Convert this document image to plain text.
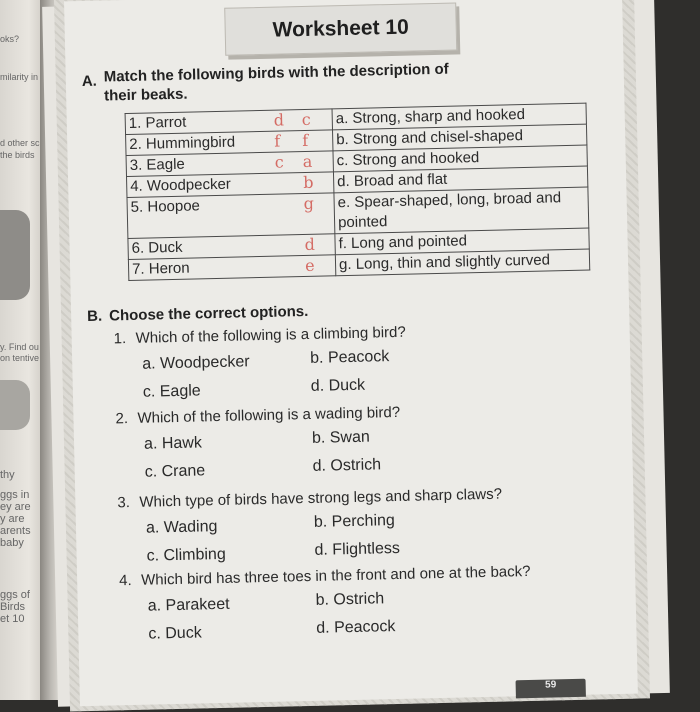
oks?
milarity in
d other sc
the birds
y. Find ou
on tentive
thy
ggs in
ey are
y are
arents
baby
ggs of
Birds
et 10
Worksheet 10
A. Match the following birds with the description of
their beaks.
1. Parrot d c	a. Strong, sharp and hooked
2. Hummingbird f f	b. Strong and chisel-shaped
3. Eagle c a	c. Strong and hooked
4. Woodpecker b	d. Broad and flat
5. Hoopoe g	e. Spear-shaped, long, broad and pointed
6. Duck d	f. Long and pointed
7. Heron e	g. Long, thin and slightly curved
B. Choose the correct options.
1. Which of the following is a climbing bird?
a. Woodpecker	b. Peacock
c. Eagle	d. Duck
2. Which of the following is a wading bird?
a. Hawk	b. Swan
c. Crane	d. Ostrich
3. Which type of birds have strong legs and sharp claws?
a. Wading	b. Perching
c. Climbing	d. Flightless
4. Which bird has three toes in the front and one at the back?
a. Parakeet	b. Ostrich
c. Duck	d. Peacock
59
